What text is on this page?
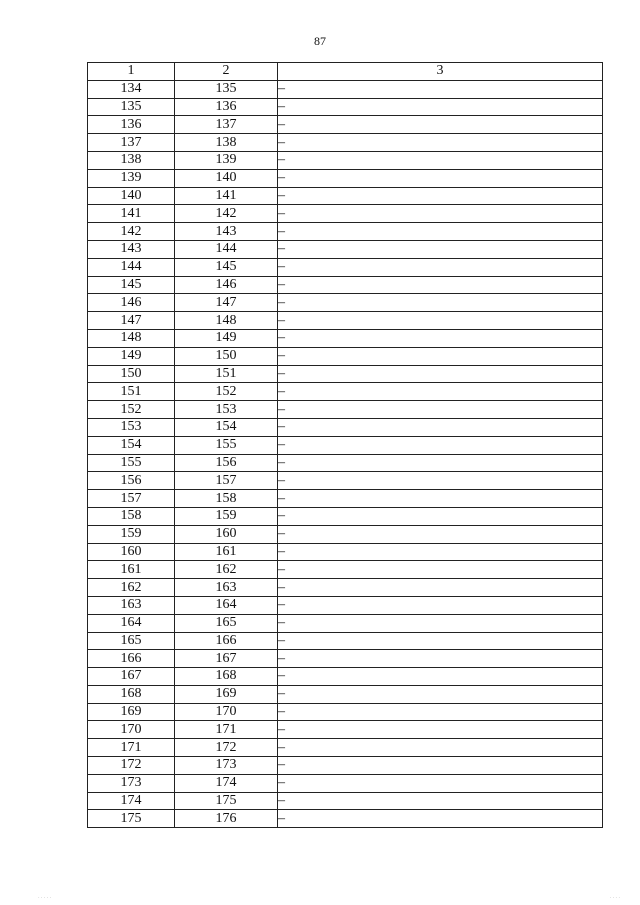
87
1	2	3
134	135	–
135	136	–
136	137	–
137	138	–
138	139	–
139	140	–
140	141	–
141	142	–
142	143	–
143	144	–
144	145	–
145	146	–
146	147	–
147	148	–
148	149	–
149	150	–
150	151	–
151	152	–
152	153	–
153	154	–
154	155	–
155	156	–
156	157	–
157	158	–
158	159	–
159	160	–
160	161	–
161	162	–
162	163	–
163	164	–
164	165	–
165	166	–
166	167	–
167	168	–
168	169	–
169	170	–
170	171	–
171	172	–
172	173	–
173	174	–
174	175	–
175	176	–
· · · · ·	· · · ·
